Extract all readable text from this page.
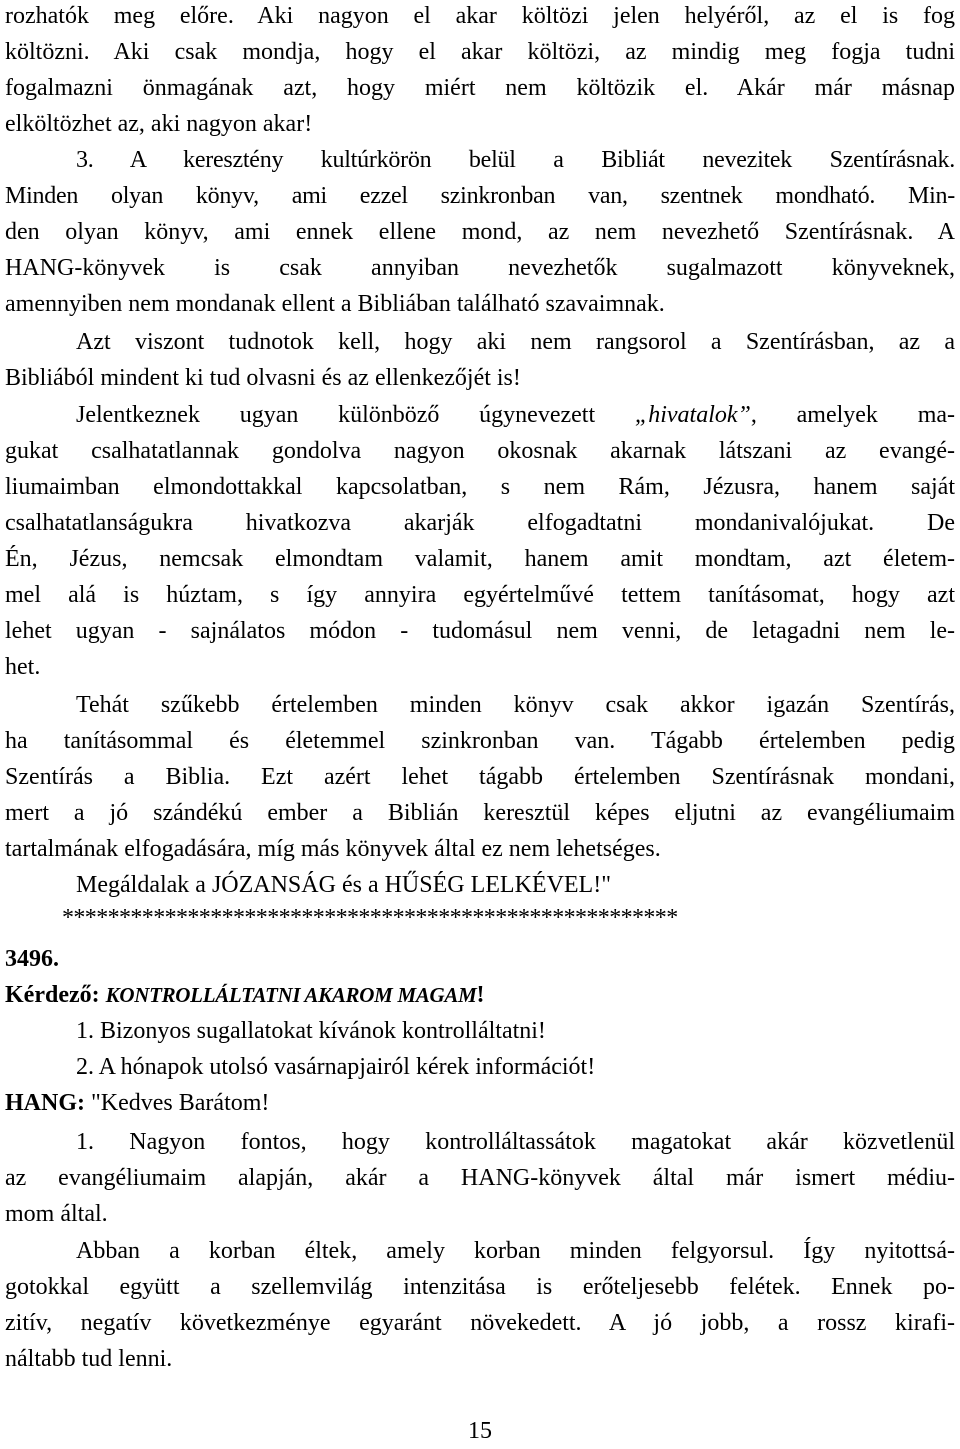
rozhatók meg előre. Aki nagyon el akar költözi jelen helyéről, az el is fog
költözni. Aki csak mondja, hogy el akar költözi, az mindig meg fogja tudni
fogalmazni önmagának azt, hogy miért nem költözik el. Akár már másnap
elköltözhet az, aki nagyon akar!
3. A keresztény kultúrkörön belül a Bibliát nevezitek Szentírásnak.
Minden olyan könyv, ami ezzel szinkronban van, szentnek mondható. Min-
den olyan könyv, ami ennek ellene mond, az nem nevezhető Szentírásnak. A
HANG-könyvek is csak annyiban nevezhetők sugalmazott könyveknek,
amennyiben nem mondanak ellent a Bibliában található szavaimnak.
Azt viszont tudnotok kell, hogy aki nem rangsorol a Szentírásban, az a
Bibliából mindent ki tud olvasni és az ellenkezőjét is!
Jelentkeznek ugyan különböző úgynevezett „hivatalok”, amelyek ma-
gukat csalhatatlannak gondolva nagyon okosnak akarnak látszani az evangé-
liumaimban elmondottakkal kapcsolatban, s nem Rám, Jézusra, hanem saját
csalhatatlanságukra hivatkozva akarják elfogadtatni mondanivalójukat. De
Én, Jézus, nemcsak elmondtam valamit, hanem amit mondtam, azt életem-
mel alá is húztam, s így annyira egyértelművé tettem tanításomat, hogy azt
lehet ugyan - sajnálatos módon - tudomásul nem venni, de letagadni nem le-
het.
Tehát szűkebb értelemben minden könyv csak akkor igazán Szentírás,
ha tanításommal és életemmel szinkronban van. Tágabb értelemben pedig
Szentírás a Biblia. Ezt azért lehet tágabb értelemben Szentírásnak mondani,
mert a jó szándékú ember a Biblián keresztül képes eljutni az evangéliumaim
tartalmának elfogadására, míg más könyvek által ez nem lehetséges.
Megáldalak a JÓZANSÁG és a HŰSÉG LELKÉVEL!"
******************************************************
3496.
Kérdező: KONTROLLÁLTATNI AKAROM MAGAM!
1. Bizonyos sugallatokat kívánok kontrolláltatni!
2. A hónapok utolsó vasárnapjairól kérek információt!
HANG: "Kedves Barátom!
1. Nagyon fontos, hogy kontrolláltassátok magatokat akár közvetlenül
az evangéliumaim alapján, akár a HANG-könyvek által már ismert médiu-
mom által.
Abban a korban éltek, amely korban minden felgyorsul. Így nyitottsá-
gotokkal együtt a szellemvilág intenzitása is erőteljesebb felétek. Ennek po-
zitív, negatív következménye egyaránt növekedett. A jó jobb, a rossz kirafi-
náltabb tud lenni.
15
